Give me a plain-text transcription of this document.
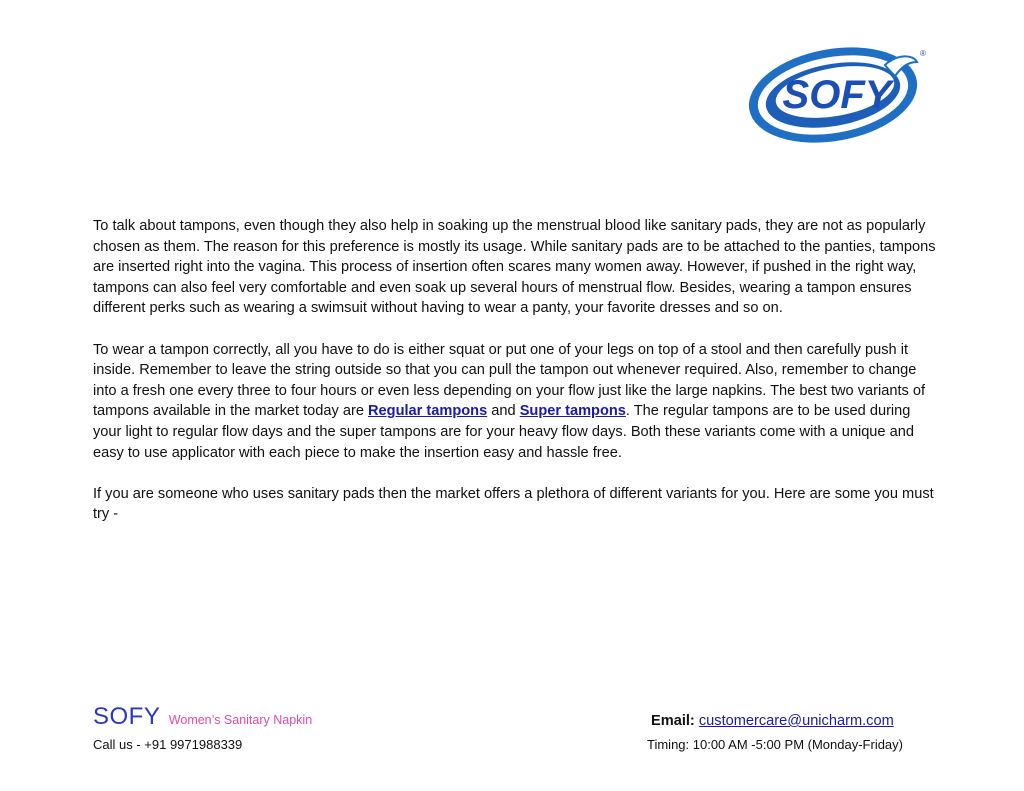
SOFY
®

To talk about tampons, even though they also help in soaking up the menstrual blood like sanitary pads, they are not as popularly chosen as them. The reason for this preference is mostly its usage. While sanitary pads are to be attached to the panties, tampons are inserted right into the vagina. This process of insertion often scares many women away. However, if pushed in the right way, tampons can also feel very comfortable and even soak up several hours of menstrual flow. Besides, wearing a tampon ensures different perks such as wearing a swimsuit without having to wear a panty, your favorite dresses and so on.

To wear a tampon correctly, all you have to do is either squat or put one of your legs on top of a stool and then carefully push it inside. Remember to leave the string outside so that you can pull the tampon out whenever required. Also, remember to change into a fresh one every three to four hours or even less depending on your flow just like the large napkins. The best two variants of tampons available in the market today are Regular tampons and Super tampons. The regular tampons are to be used during your light to regular flow days and the super tampons are for your heavy flow days. Both these variants come with a unique and easy to use applicator with each piece to make the insertion easy and hassle free.

If you are someone who uses sanitary pads then the market offers a plethora of different variants for you. Here are some you must try -

SOFY Women’s Sanitary Napkin
Call us - +91 9971988339
Email: customercare@unicharm.com
Timing: 10:00 AM -5:00 PM (Monday-Friday)
